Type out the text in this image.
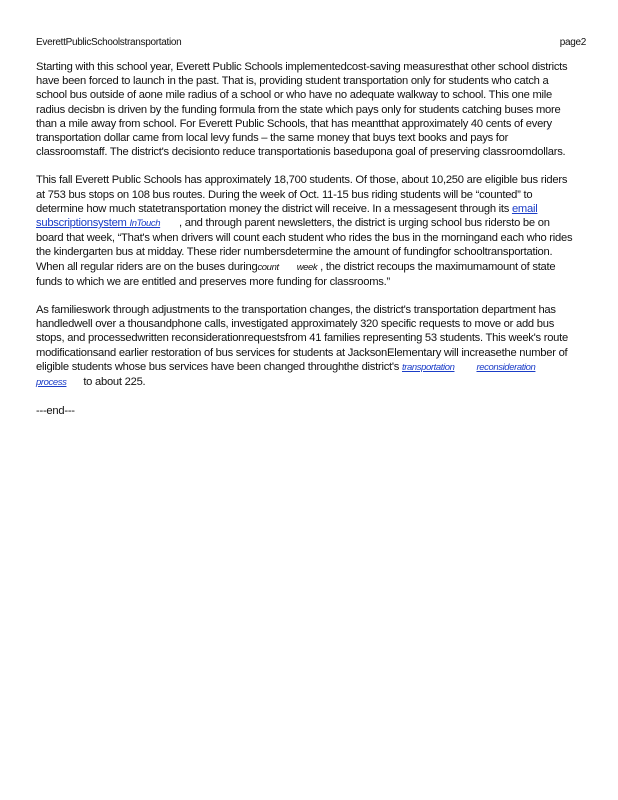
EverettPublicSchoolstransportation	page2

Starting with this school year, Everett Public Schools implementedcost-saving measuresthat other school districts have been forced to launch in the past. That is, providing student transportation only for students who catch a school bus outside of aone mile radius of a school or who have no adequate walkway to school. This one mile radius decisbn is driven by the funding formula from the state which pays only for students catching buses more than a mile away from school. For Everett Public Schools, that has meantthat approximately 40 cents of every transportation dollar came from local levy funds – the same money that buys text books and pays for classroomstaff. The district's decisionto reduce transportationis basedupona goal of preserving classroomdollars.

This fall Everett Public Schools has approximately 18,700 students. Of those, about 10,250 are eligible bus riders at 753 bus stops on 108 bus routes. During the week of Oct. 11-15 bus riding students will be “counted” to determine how much statetransportation money the district will receive. In a messagesent through its email subscriptionsystem InTouch , and through parent newsletters, the district is urging school bus ridersto be on board that week, “That's when drivers will count each student who rides the bus in the morningand each who rides the kindergarten bus at midday. These rider numbersdetermine the amount of fundingfor schooltransportation. When all regular riders are on the buses duringcount week , the district recoups the maximumamount of state funds to which we are entitled and preserves more funding for classrooms.”

As familieswork through adjustments to the transportation changes, the district's transportation department has handledwell over a thousandphone calls, investigated approximately 320 specific requests to move or add bus stops, and processedwritten reconsiderationrequestsfrom 41 families representing 53 students. This week's route modificationsand earlier restoration of bus services for students at JacksonElementary will increasethe number of eligible students whose bus services have been changed throughthe district's transportation reconsiderationprocess to about 225.

---end---
